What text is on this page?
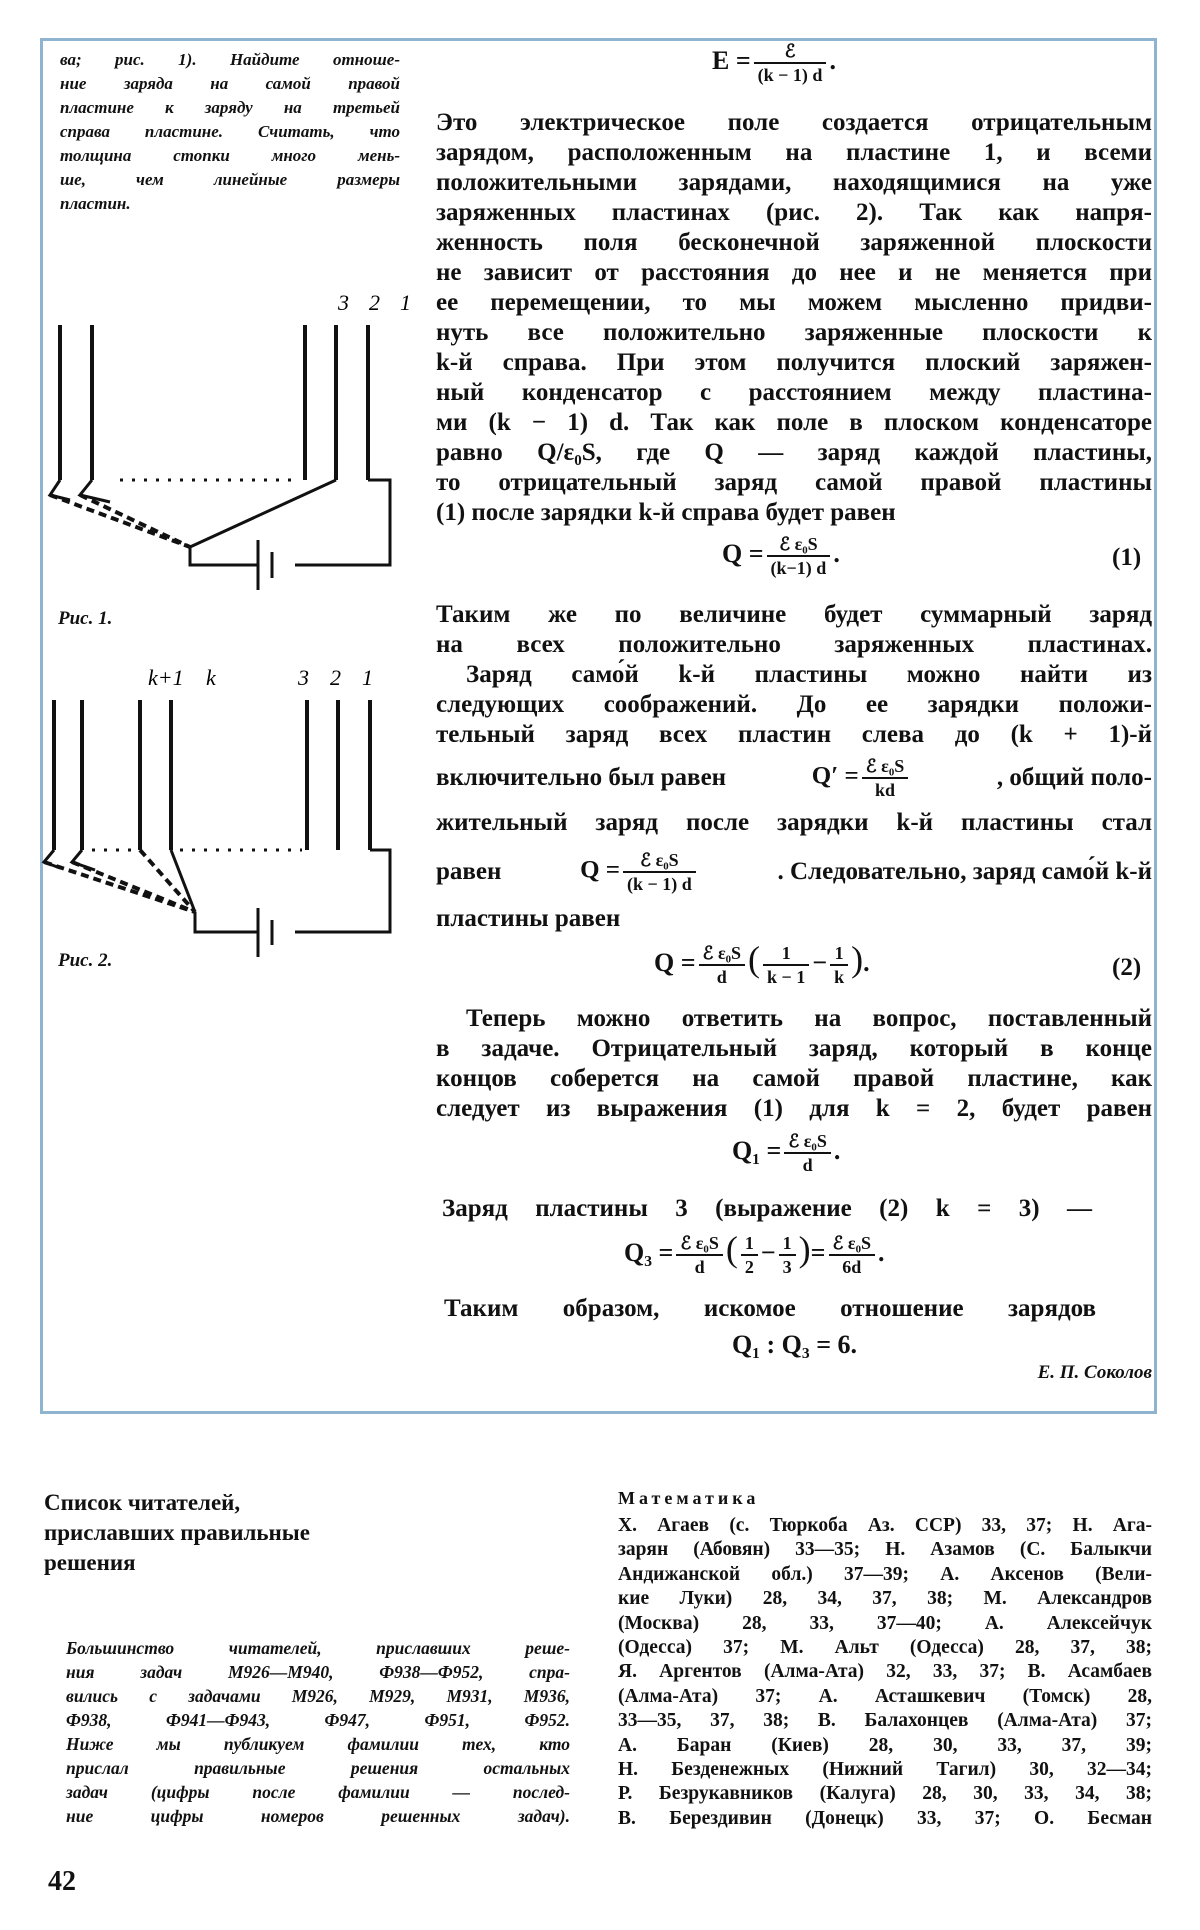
ва; рис. 1). Найдите отноше-
ние заряда на самой правой
пластине к заряду на третьей
справа пластине. Считать, что
толщина стопки много мень-
ше, чем линейные размеры
пластин.
3 2 1
Рис. 1.
k+1 k	3 2 1
Рис. 2.
$E = \frac{\text{ℰ}}{(k - 1) d}$ .
Это электрическое поле создается отрицательным
зарядом, расположенным на пластине 1, и всеми
положительными зарядами, находящимися на уже
заряженных пластинах (рис. 2). Так как напря-
женность поля бесконечной заряженной плоскости
не зависит от расстояния до нее и не меняется при
ее перемещении, то мы можем мысленно придви-
нуть все положительно заряженные плоскости к
k-й справа. При этом получится плоский заряжен-
ный конденсатор с расстоянием между пластина-
ми (k − 1) d. Так как поле в плоском конденсаторе
равно Q/ε₀S, где Q — заряд каждой пластины,
то отрицательный заряд самой правой пластины
(1) после зарядки k-й справа будет равен
$Q = \frac{\text{ℰ ε₀S}}{(k-1) d}$ .	(1)
Таким же по величине будет суммарный заряд
на всех положительно заряженных пластинах.
Заряд само́й k-й пластины можно найти из
следующих соображений. До ее зарядки положи-
тельный заряд всех пластин слева до (k + 1)-й
включительно был равен	$Q' = \frac{\text{ℰ ε₀S}}{kd}$	, общий поло-
жительный заряд после зарядки k-й пластины стал
равен	$Q = \frac{\text{ℰ ε₀S}}{(k - 1) d}$	. Следовательно, заряд само́й k-й
пластины равен
$Q = \frac{\text{ℰ ε₀S}}{d}$ ( $\frac{1}{k - 1} - \frac{1}{k}$ ).	(2)
Теперь можно ответить на вопрос, поставленный
в задаче. Отрицательный заряд, который в конце
концов соберется на самой правой пластине, как
следует из выражения (1) для k = 2, будет равен
$Q_1 = \frac{\text{ℰ ε₀S}}{d}$ .
Заряд пластины 3 (выражение (2) k = 3) —
$Q_3 = \frac{\text{ℰ ε₀S}}{d}$ ( $\frac{1}{2} - \frac{1}{3}$ )= $\frac{\text{ℰ ε₀S}}{6d}$ .
Таким образом, искомое отношение зарядов
Q₁ : Q₃ = 6.
Е. П. Соколов
Список читателей,
приславших правильные
решения
Большинство читателей, приславших реше-
ния задач М926—М940, Ф938—Ф952, спра-
вились с задачами М926, М929, М931, М936,
Ф938, Ф941—Ф943, Ф947, Ф951, Ф952.
Ниже мы публикуем фамилии тех, кто
прислал правильные решения остальных
задач (цифры после фамилии — послед-
ние цифры номеров решенных задач).
Математика
Х. Агаев (с. Тюркоба Аз. ССР) 33, 37; Н. Ага-
зарян (Абовян) 33—35; Н. Азамов (С. Балыкчи
Андижанской обл.) 37—39; А. Аксенов (Вели-
кие Луки) 28, 34, 37, 38; М. Александров
(Москва) 28, 33, 37—40; А. Алексейчук
(Одесса) 37; М. Альт (Одесса) 28, 37, 38;
Я. Аргентов (Алма-Ата) 32, 33, 37; В. Асамбаев
(Алма-Ата) 37; А. Асташкевич (Томск) 28,
33—35, 37, 38; В. Балахонцев (Алма-Ата) 37;
А. Баран (Киев) 28, 30, 33, 37, 39;
Н. Безденежных (Нижний Тагил) 30, 32—34;
Р. Безрукавников (Калуга) 28, 30, 33, 34, 38;
В. Берездивин (Донецк) 33, 37; О. Бесман
42
